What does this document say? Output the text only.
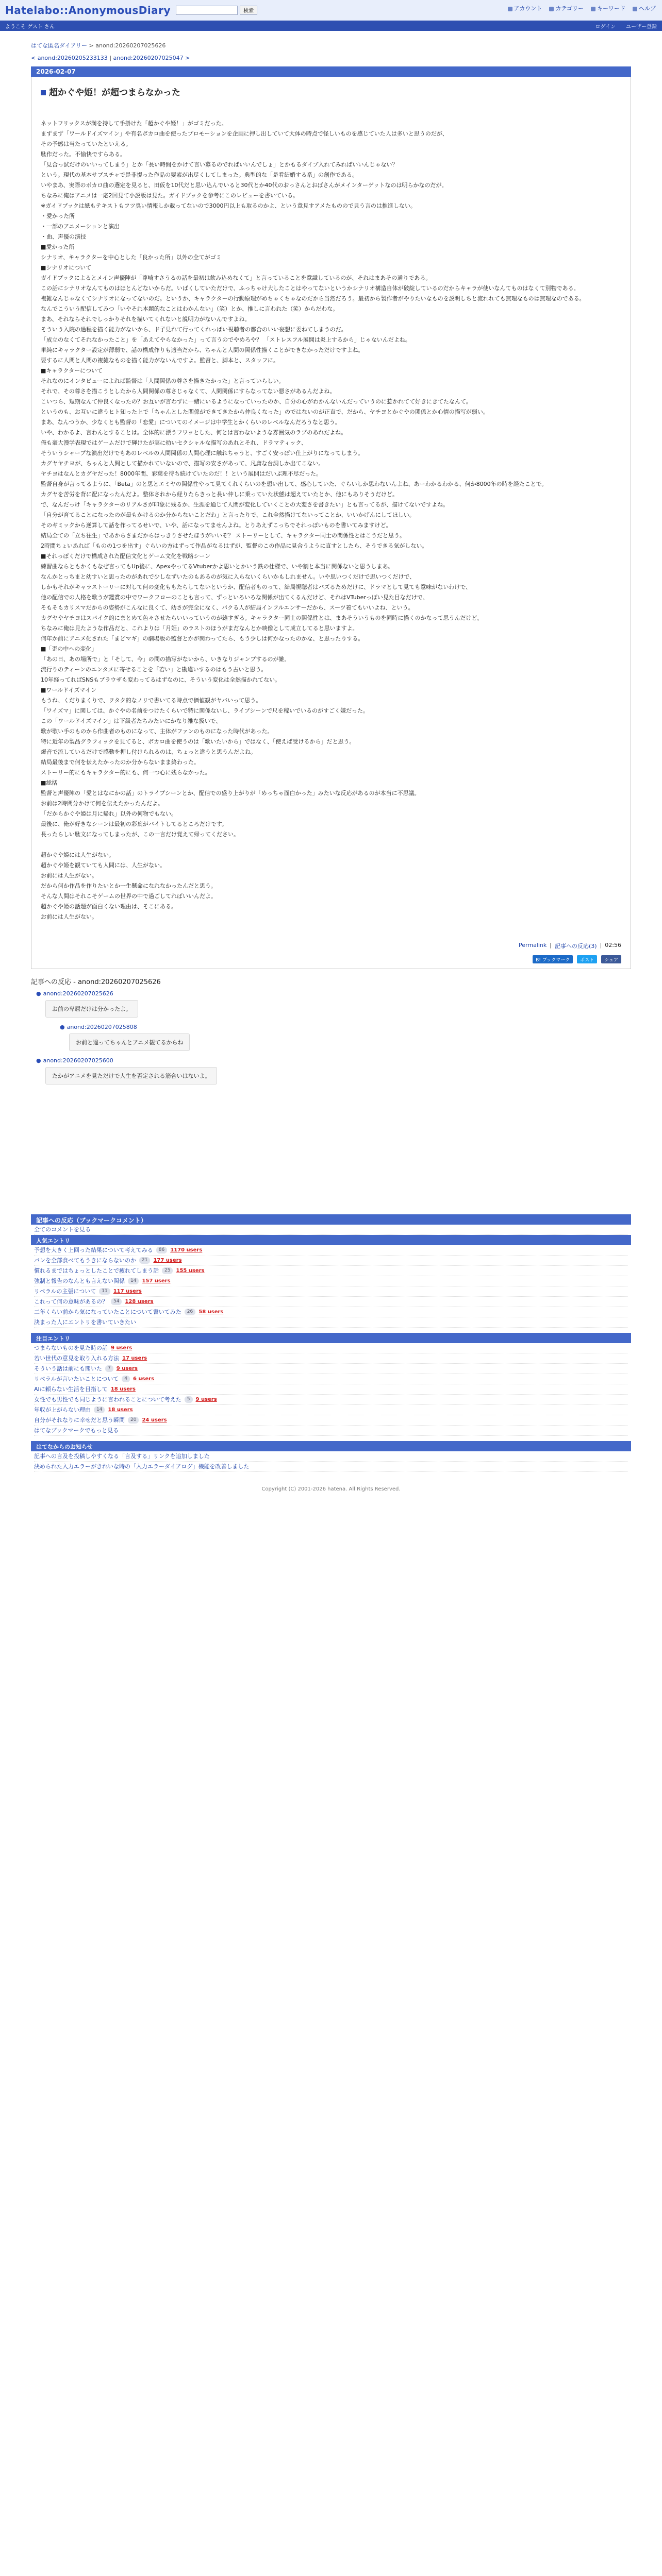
Hatelabo::AnonymousDiary	検索	アカウント	カテゴリー	キーワード	ヘルプ
ようこそ ゲスト さん	ログイン ユーザー登録
はてな匿名ダイアリー > anond:20260207025626
< anond:20260205233133 | anond:20260207025047 >
2026-02-07
超かぐや姫！が超つまらなかった

ネットフリックスが満を持して手掛けた「超かぐや姫！」がゴミだった。

まずまず「ワールドイズマイン」や有名ボカロ曲を使ったプロモーションを企画に押し出していて大体の時点で怪しいものを感じていた人は多いと思うのだが、

その予感は当たっていたといえる。

駄作だった。不愉快ですらある。

「見合っ試だけのいいってしまう」とか「長い時間をかけて言い募るのでればいいんでしょ」とかもるダイブ入れてみればいいんじゃない？

という。現代の基本サブスチャで是非提った作品の要素が出尽くしてしまった。典型的な「是看結婚する系」の創作である。

いやまあ、実際のボカロ曲の選定を見ると、田仮を10代だと思い込んでいると30代とか40代のおっさんとおばさんがメインターゲットなのは明らかなのだが。

ちなみに俺はアニメは一応2回見て小説版は見た。ガイドブックを参考にこのレビューを書いている。

※ガイドブックは紙もテキストもフツ臭い情報しか載ってないので3000円以上も取るのかよ、という意見すアメたものので見う言のは推進しない。

・愛かった所

・一部のアニメーションと演出

・曲、声優の演技

■愛かった所

シナリオ、キャラクターを中心とした「良かった所」以外の全てがゴミ

■シナリオについて

ガイドブックによるとメイン声優陣が「尊崎すさうるの話を最初は飲み込めなくて」と言っていることを意識しているのが、それはまあその通りである。

この話にシナリオなんてものはほとんどないからだ。いばくしていただけで、ふっちゃけ大したことはやってないというかシナリオ構造自体が破綻しているのだからキャラが使いなんてものはなくて別物である。

複雑なんじゃなくてシナリオになってないのだ。というか、キャラクターの行動原理がめちゃくちゃなのだから当然だろう。最初から製作者がやりたいなものを説明しちと流れれても無理なものは無理なのである。

なんでこういう配信してみつ「いやそれ本題的なことはわかんない」（笑）とか、推しに言われた（笑）からだわな。

まあ、それならそれでしっかりそれを描いてくれないと説明力がないんですよね。

そういう入院の過程を描く能力がないから、ド子見れて行ってくれっぱい視聴者の都合のいい妄想に委ねてしまうのだ。

「成立のなくてそれなかったこと」を「あえてやらなかった」って言うのでやめろや？ 「ストレスフル展開は炎上するから」じゃないんだよね。

単純にキャラクター設定が薄弱で、話の構成作りも適当だから、ちゃんと人間の関係性描くことができなかっただけですよね。

要するに人間と人間の複雑なものを描く能力がないんですよ。監督と、脚本と、スタッフに。

■キャラクターについて

それなのにインタビューによれば監督は「人間関係の尊さを描きたかった」と言っていらしい。

それで、その尊さを描こうとしたから人間関係の尊さじゃなくて、人間関係にすらなってない悪さがあるんだよね。

こいつら、短期なんて仲良くなったの？お互いが言わずに一緒にいるようになっていったのか、自分の心がわかんないんだっていうのに惹かれてて好きにきてたなんて。

というのも、お互いに違うヒト知った上で「ちゃんとした関係ができてきたから仲良くなった」のではないのが正直で、だから、ヤチヨとかぐやの関係とか心情の描写が弱い。

まあ、なんつうか、少なくとも監督の「恋愛」についてのイメージは中学生とかくらいのレベルなんだろうなと思う。

いや、わかるよ、言わんとすることは。全体的に漂うフワッとした、何とは言わないような雰囲気のラブのあれだよね。

俺も豪大漫学表現ではゲームだけで輝けたが実に幼いセクシャルな描写のあれとそれ、ドラマティック、

そういうシャープな演出だけでもあのレベルの人間関係の人間心理に触れちゃうと、すごく安っぽい仕上がりになってしまう。

カグヤヤチヨが、ちゃんと人間として描かれていないので、描写の安さがあって、凡庸な台詞しか出てこない。

ヤチヨはなんとカグヤだった！8000年間、彩葉を待ち続けていたのだ！！という展開はだいぶ理不尽だった。

監督自身が言ってるように、「Beta」のと思とエミヤの関係性やって見てくれくらいのを想い出して、感心していた、ぐらいしか思わないんよね、あーわかるわかる、何か8000年の時を経たことで。

カグヤを苦労を背に配になったんだよ。整体されから経りたらきっと長い仲しに乗っていた状態は超えていたとか、他にもありそうだけど。

で、なんだっけ「キャラクターのリアルさが印象に残るか、生涯を通じて人間が変化していくことの大変さを書きたい」とも言ってるが、描けてないですよね。

「自分が育てることになったのが最もかけるのか分からないことだわ」と言ったりで、これ全然描けてないってことか、いいかげんにしてほしい。

そのギミックから逆算して話を作ってるせいで、いや、話になってませんよね。とりあえずこっちでそれっぽいものを書いてみますけど。

結局全ての「立ち往生」であからさまだからはっきりさせたほうがいいぞ？ ストーリーとして、キャラクター同士の関係性とはこうだと思う。

2時間ちょいあれば「ものの1つを出す」ぐらいの方はずって作品がなるはずが、監督のこの作品に見合うように直すとしたら、そうできる気がしない。

■それっぽくだけで構成された配信文化とゲーム文化を戦略シーン

練習曲ならともかくもなぜ言ってもUp後に、ApexやってるVtuberかよ思いとかいう鉄の仕様で、いや割と本当に関係ないと思うしまあ。

なんかとっちまと幼すいと思ったのがあれで少しなずいたのもあるのが気に入らないくらいかもしれません。いや思いつくだけで思いつくだけで、

しかもそれがキャラストーリーに対して何の変化ももたらしてないというか、配信者ものって、結局視聴者はバズるためだけに、ドラマとして見ても意味がないわけで、

他の配信での人格を歌うが鑑賞の中でワークフローのことも言って、ずっといろいろな関係が出てくるんだけど、それはVTuberっぽい見た目なだけで、

そもそもカリスマだからの姿勢がこんなに良くて、幼さが完全になく、パクる人が結局インフルエンサーだから、スーツ着てもいいよね、という。

カグヤやヤチヨはスパイク的にまとめて色々させたらいいっていうのが雑すぎる。キャラクター同士の関係性とは、まあそういうものを同時に描くのかなって思うんだけど。

ちなみに俺は見たような作品だと、これよりは「月姫」のラストのほうがまだなんとか映像として成立してると思いますよ。

何年か前にアニメ化された「まどマギ」の劇場版の監督とかが関わってたら、もう少しは何かなったのかな、と思ったりする。

■「歪の中への変化」

「あの日、あの場所で」と「そして、今」の間の描写がないから、いきなりジャンプするのが雑。

流行りのティーンのエンタメに寄せることを「若い」と勘違いするのはもう古いと思う。

10年経ってればSNSもブラウザも変わってるはずなのに、そういう変化は全然描かれてない。

■ワールドイズマイン

もうね、くだりまくりで、ヲタク的なノリで書いてる時点で価値観がヤバいって思う。

「ワイズマ」に関しては、かぐやの名前をつけたくらいで特に関係ないし、ライブシーンで尺を稼いでいるのがすごく嫌だった。

この「ワールドイズマイン」は下級者たちみたいにかなり雑な扱いで、

歌が歌い手のものから作曲者のものになって、主体がファンのものになった時代があった。

特に近年の製品グラフィックを見てると、ボカロ曲を使うのは「歌いたいから」ではなく、「使えば受けるから」だと思う。

爆音で流しているだけで感動を押し付けられるのは、ちょっと違うと思うんだよね。

結局最後まで何を伝えたかったのか分からないまま終わった。

ストーリー的にもキャラクター的にも、何一つ心に残らなかった。

■総括

監督と声優陣の「愛とはなにかの話」のトライブシーンとか、配信での盛り上がりが「めっちゃ面白かった」みたいな反応があるのが本当に不思議。

お前は2時間分かけて何を伝えたかったんだよ。

「だからかぐや姫は月に帰れ」以外の何物でもない。

最後に、俺が好きなシーンは最初の彩葉がバイトしてるところだけです。

長ったらしい駄文になってしまったが、この一言だけ覚えて帰ってください。

超かぐや姫には人生がない。

超かぐや姫を観ていても人間には、人生がない。

お前には人生がない。

だから何か作品を作りたいとか一生懸命になれなかったんだと思う。

そんな人間はそれこそゲームの世界の中で過ごしてればいいんだよ。

超かぐや姫の話題が面白くない理由は、そこにある。

お前には人生がない。

Permalink | 記事への反応(3) | 02:56
B! ブックマーク	ポスト	シェア
記事への反応 - anond:20260207025626
● anond:20260207025626
お前の卑屈だけは分かったよ。
● anond:20260207025808
お前と違ってちゃんとアニメ観てるからね
● anond:20260207025600
たかがアニメを見ただけで人生を否定される筋合いはないよ。
記事への反応（ブックマークコメント）
全てのコメントを見る
人気エントリ
予想を大きく上回った結果について考えてみる	86	1170 users
パンを全部食べてもうきにならないのか	21	177 users
慣れるまではちょっとしたことで疲れてしまう話	25	155 users
強制と報告のなんとも言えない関係	14	157 users
リベラルの主張について	11	117 users
これって何の意味があるの？	54	128 users
二年くらい前から気になっていたことについて書いてみた	26	58 users
決まった人にエントリを書いていきたい
注目エントリ
つまらないものを見た時の話 9 users
若い世代の意見を取り入れる方法 17 users
そういう話は前にも聞いた	7	9 users
リベラルが言いたいことについて	4	6 users
AIに頼らない生活を目指して 18 users
女性でも男性でも同じように言われることについて考えた	5	9 users
年収が上がらない理由	14	18 users
自分がそれなりに幸せだと思う瞬間	20	24 users
はてなブックマークでもっと見る
はてなからのお知らせ
記事への言及を投稿しやすくなる「言及する」リンクを追加しました
決められた入力エラーがきれいな時の「入力エラーダイアログ」機能を改善しました
Copyright (C) 2001-2026 hatena. All Rights Reserved.
